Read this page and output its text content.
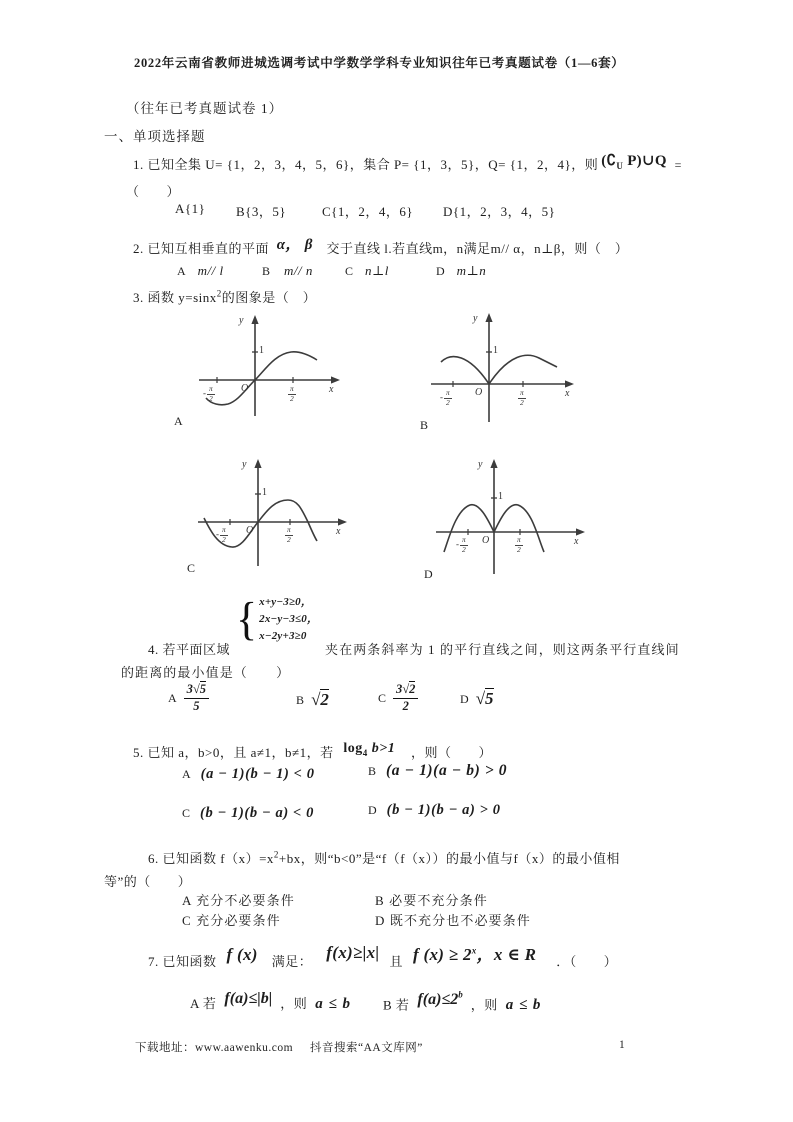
2022年云南省教师进城选调考试中学数学学科专业知识往年已考真题试卷（1—6套）
（往年已考真题试卷 1）
一、单项选择题
1. 已知全集 U= {1，2，3，4，5，6}，集合 P= {1，3，5}，Q= {1，2，4}，则 ($∁_U$ P)∪Q =
（　　）
A{1} B{3，5}	C{1，2，4，6} D{1，2，3，4，5}
2. 已知互相垂直的平面 α， β 交于直线 l.若直线m，n满足m// α，n⊥β，则（　）
A m// l	B m// n	C n⊥l	D m⊥n
3. 函数 y=sinx$^2$的图象是（　）
y
1
O	x
- $\frac{\pi}{2}$	$\frac{\pi}{2}$
A
y
1
O	x
- $\frac{\pi}{2}$	$\frac{\pi}{2}$
B
y
1
O	x
- $\frac{\pi}{2}$	$\frac{\pi}{2}$
C
y
1
O	x
- $\frac{\pi}{2}$	$\frac{\pi}{2}$
D
{ x+y−3≥0，
2x−y−3≤0，
x−2y+3≥0
4. 若平面区域	夹在两条斜率为 1 的平行直线之间，则这两条平行直线间
的距离的最小值是（　　）
A
3√5
5	B √2	C
3√2
2
D √5
5. 已知 a，b>0，且 a≠1，b≠1，若 $\log_4 b>1$ ，则（　　）
A (a − 1)(b − 1) < 0	B (a − 1)(a − b) > 0
C (b − 1)(b − a) < 0	D (b − 1)(b − a) > 0
6. 已知函数 $f(x)=x^2+bx$，则“b<0”是“f（f（x））的最小值与f（x）的最小值相
等”的（　　）
A 充分不必要条件	B 必要不充分条件
C 充分必要条件	D 既不充分也不必要条件
7. 已知函数 f (x) 满足： f(x)≥|x| 且 f $(x) \ge 2^x$，x ∈ R ．（　　）
A 若 f(a)≤|b| ，则 a ≤ b B 若 $f(a)\le 2^b$ ，则 a ≤ b
下载地址：www.aawenku.com 抖音搜索“AA文库网”	1
